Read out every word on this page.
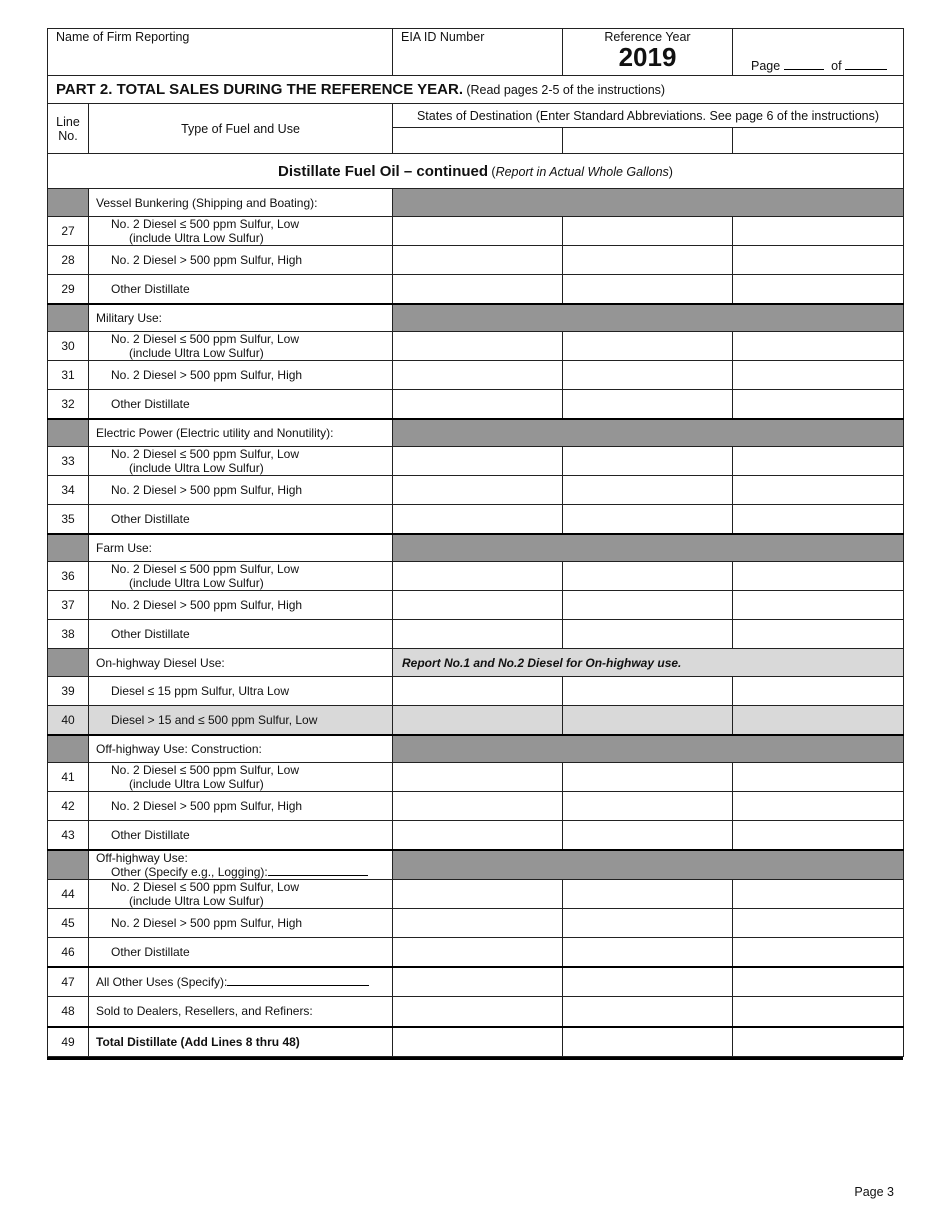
Name of Firm Reporting		EIA ID Number	Reference Year
2019	Page of
PART 2. TOTAL SALES DURING THE REFERENCE YEAR. (Read pages 2-5 of the instructions)				

Line
No.	Type of Fuel and Use	States of Destination (Enter Standard Abbreviations. See page 6 of the instructions)		

Distillate Fuel Oil – continued (Report in Actual Whole Gallons)				
	Vessel Bunkering (Shipping and Boating):			
27	No. 2 Diesel ≤ 500 ppm Sulfur, Low
(include Ultra Low Sulfur)			

28	No. 2 Diesel > 500 ppm Sulfur, High			
29	Other Distillate			
	Military Use:			
30	No. 2 Diesel ≤ 500 ppm Sulfur, Low
(include Ultra Low Sulfur)			

31	No. 2 Diesel > 500 ppm Sulfur, High			
32	Other Distillate			
	Electric Power (Electric utility and Nonutility):			
33	No. 2 Diesel ≤ 500 ppm Sulfur, Low
(include Ultra Low Sulfur)			

34	No. 2 Diesel > 500 ppm Sulfur, High			
35	Other Distillate			
	Farm Use:			
36	No. 2 Diesel ≤ 500 ppm Sulfur, Low
(include Ultra Low Sulfur)			

37	No. 2 Diesel > 500 ppm Sulfur, High			
38	Other Distillate			
	On-highway Diesel Use:	Report No.1 and No.2 Diesel for On-highway use.		
39	Diesel ≤ 15 ppm Sulfur, Ultra Low			
40	Diesel > 15 and ≤ 500 ppm Sulfur, Low			
	Off-highway Use: Construction:			
41	No. 2 Diesel ≤ 500 ppm Sulfur, Low
(include Ultra Low Sulfur)			

42	No. 2 Diesel > 500 ppm Sulfur, High			
43	Other Distillate			

	Off-highway Use:
Other (Specify e.g., Logging):			

44	No. 2 Diesel ≤ 500 ppm Sulfur, Low
(include Ultra Low Sulfur)			

45	No. 2 Diesel > 500 ppm Sulfur, High			
46	Other Distillate			
47	All Other Uses (Specify):			
48	Sold to Dealers, Resellers, and Refiners:			
49	Total Distillate (Add Lines 8 thru 48)			
Page 3
